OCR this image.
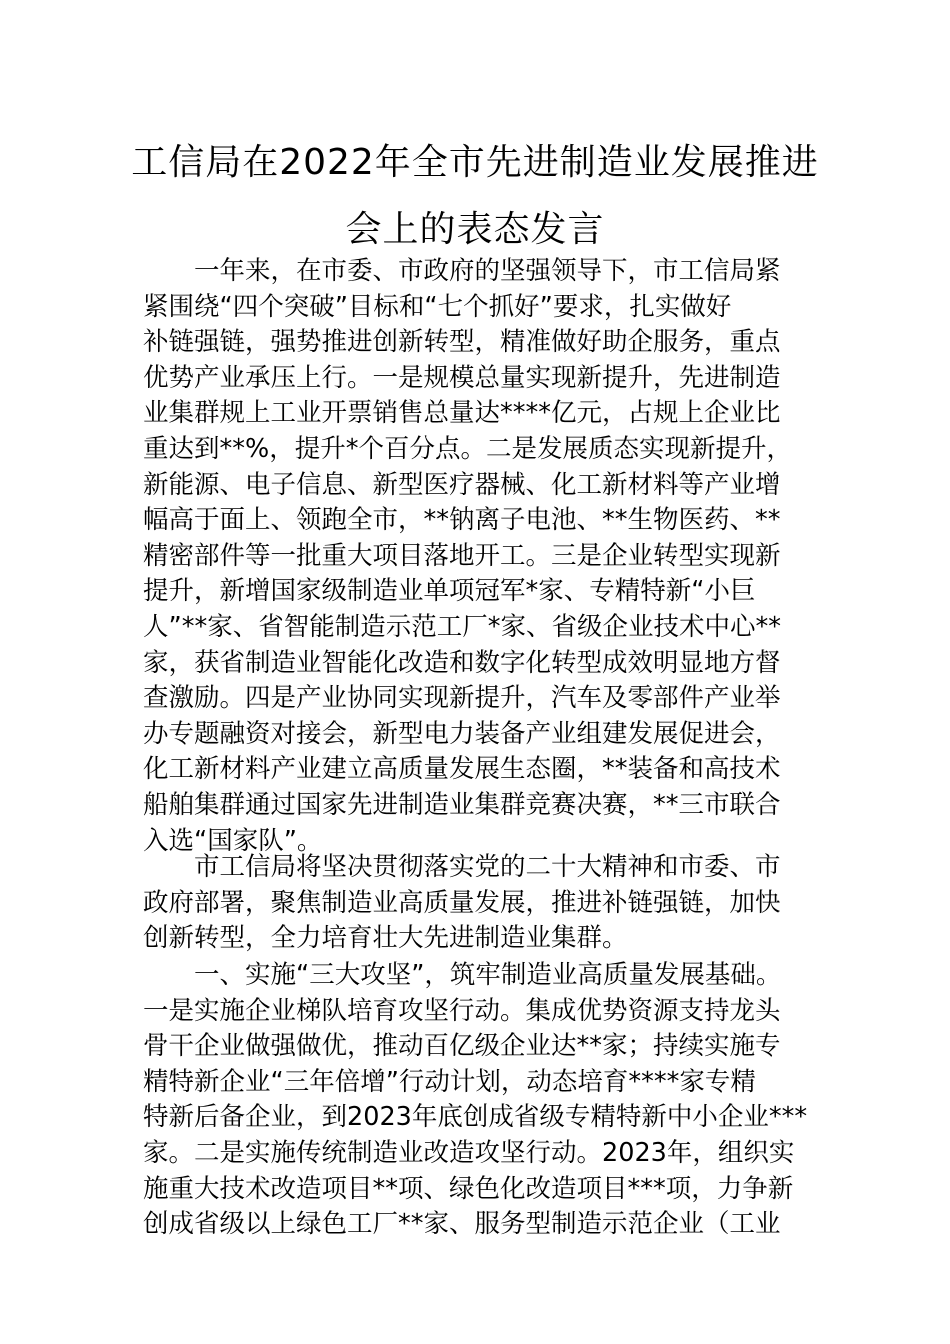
工信局在2022年全市先进制造业发展推进
会上的表态发言
　　一年来，在市委、市政府的坚强领导下，市工信局紧
紧围绕“四个突破”目标和“七个抓好”要求，扎实做好
补链强链，强势推进创新转型，精准做好助企服务，重点
优势产业承压上行。一是规模总量实现新提升，先进制造
业集群规上工业开票销售总量达****亿元，占规上企业比
重达到**%，提升*个百分点。二是发展质态实现新提升，
新能源、电子信息、新型医疗器械、化工新材料等产业增
幅高于面上、领跑全市，**钠离子电池、**生物医药、**
精密部件等一批重大项目落地开工。三是企业转型实现新
提升，新增国家级制造业单项冠军*家、专精特新“小巨
人”**家、省智能制造示范工厂*家、省级企业技术中心**
家，获省制造业智能化改造和数字化转型成效明显地方督
查激励。四是产业协同实现新提升，汽车及零部件产业举
办专题融资对接会，新型电力装备产业组建发展促进会，
化工新材料产业建立高质量发展生态圈，**装备和高技术
船舶集群通过国家先进制造业集群竞赛决赛，**三市联合
入选“国家队”。
　　市工信局将坚决贯彻落实党的二十大精神和市委、市
政府部署，聚焦制造业高质量发展，推进补链强链，加快
创新转型，全力培育壮大先进制造业集群。
　　一、实施“三大攻坚”，筑牢制造业高质量发展基础。
一是实施企业梯队培育攻坚行动。集成优势资源支持龙头
骨干企业做强做优，推动百亿级企业达**家；持续实施专
精特新企业“三年倍增”行动计划，动态培育****家专精
特新后备企业，到2023年底创成省级专精特新中小企业***
家。二是实施传统制造业改造攻坚行动。2023年，组织实
施重大技术改造项目**项、绿色化改造项目***项，力争新
创成省级以上绿色工厂**家、服务型制造示范企业（工业
